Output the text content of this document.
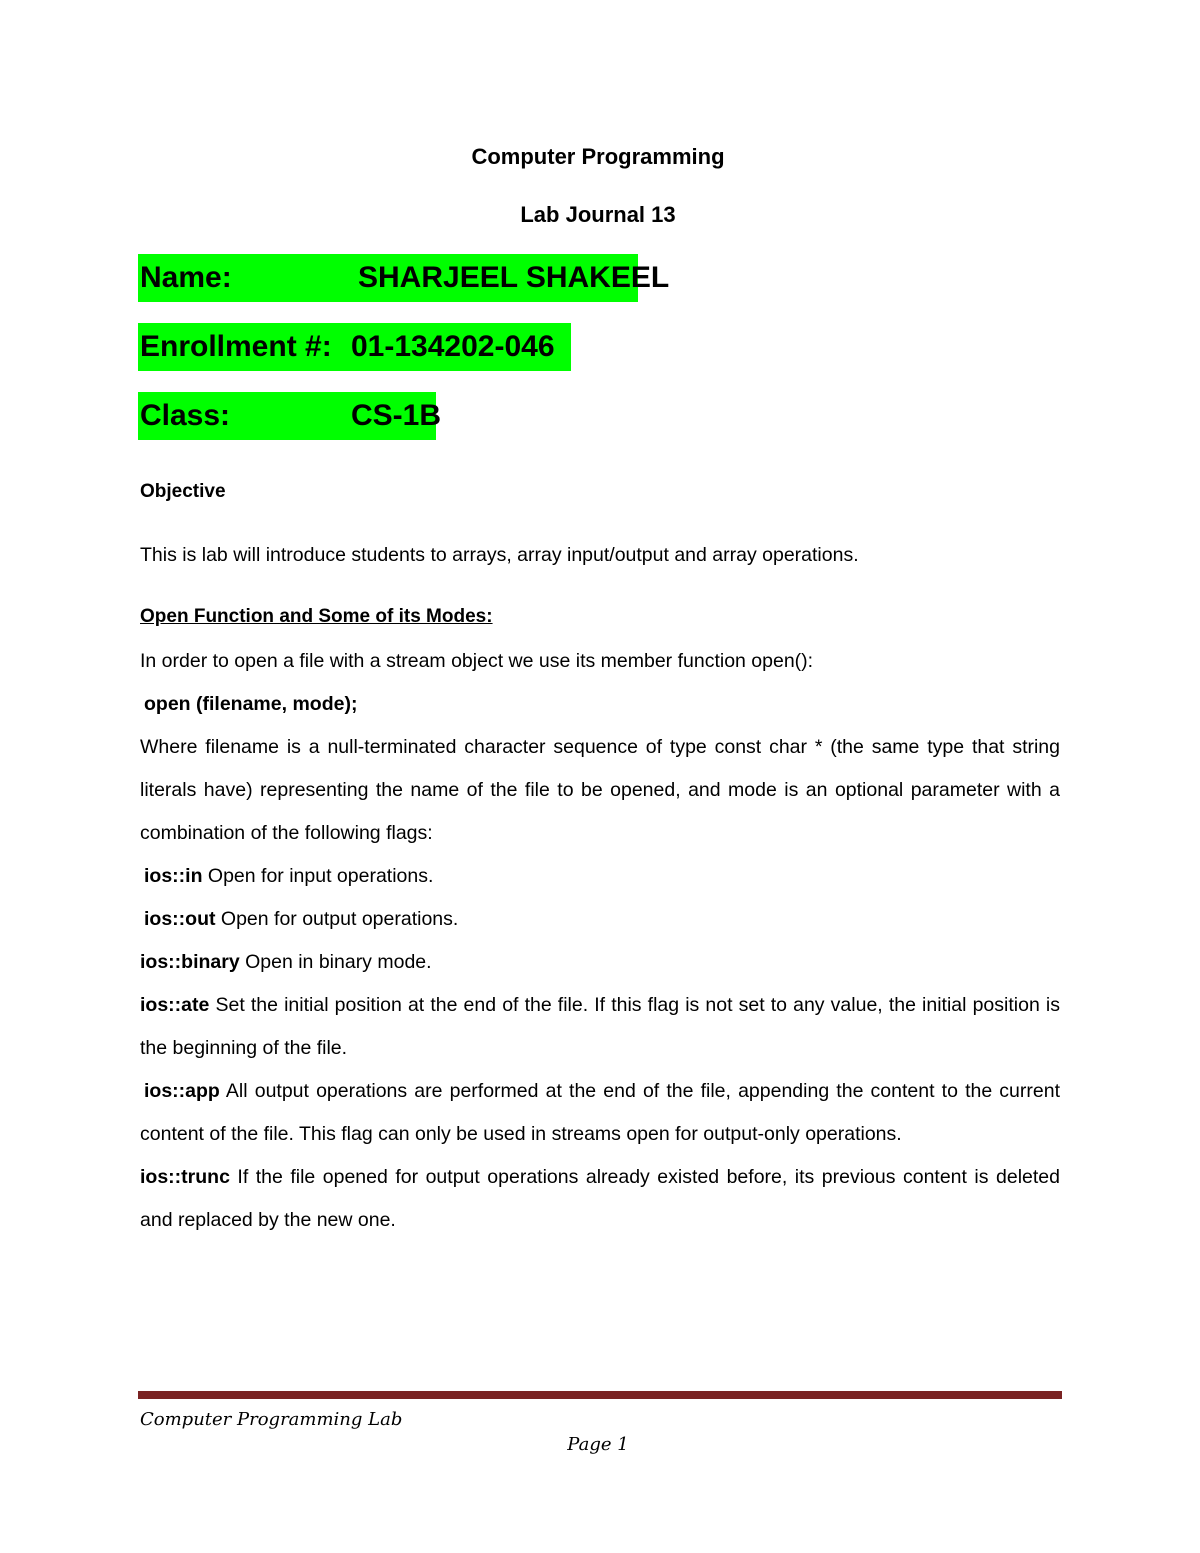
Computer Programming
Lab Journal 13
Name:	SHARJEEL SHAKEEL
Enrollment #: 01-134202-046
Class:	CS-1B
Objective
This is lab will introduce students to arrays, array input/output and array operations.
Open Function and Some of its Modes:

In order to open a file with a stream object we use its member function open():

open (filename, mode);

Where filename is a null-terminated character sequence of type const char * (the same type that string literals have) representing the name of the file to be opened, and mode is an optional parameter with a combination of the following flags:

ios::in Open for input operations.

ios::out Open for output operations.

ios::binary Open in binary mode.

ios::ate Set the initial position at the end of the file. If this flag is not set to any value, the initial position is the beginning of the file.

ios::app All output operations are performed at the end of the file, appending the content to the current content of the file. This flag can only be used in streams open for output-only operations.

ios::trunc If the file opened for output operations already existed before, its previous content is deleted and replaced by the new one.

Computer Programming Lab
Page 1
